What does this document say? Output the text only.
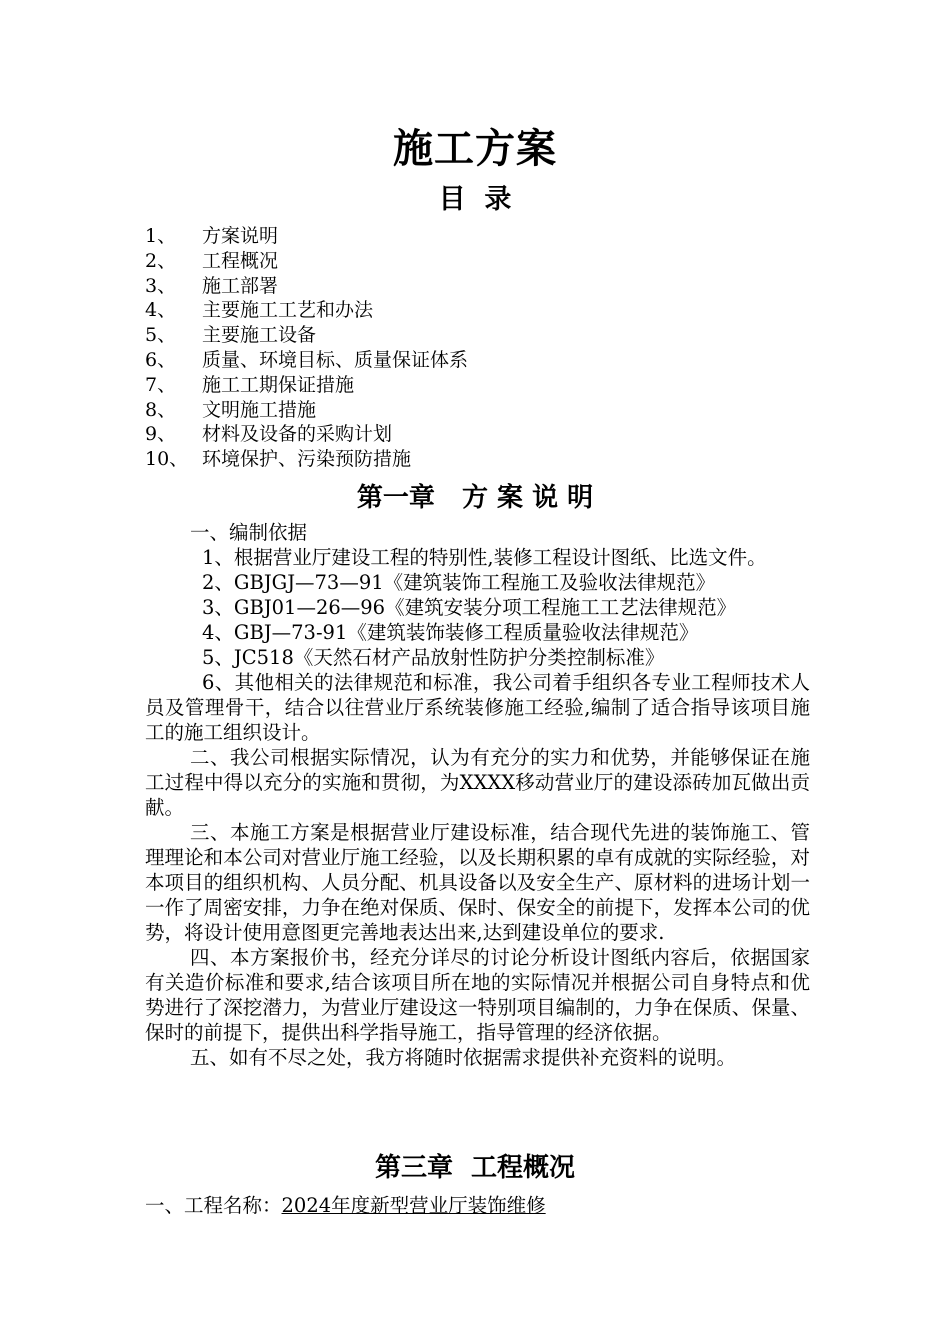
施工方案
目  录
1、 方案说明
2、 工程概况
3、 施工部署
4、 主要施工工艺和办法
5、 主要施工设备
6、 质量、环境目标、质量保证体系
7、 施工工期保证措施
8、 文明施工措施
9、 材料及设备的采购计划
10、 环境保护、污染预防措施
第一章   方 案 说 明

一、编制依据

1、根据营业厅建设工程的特别性,装修工程设计图纸、比选文件。

2、GBJGJ—73—91《建筑装饰工程施工及验收法律规范》

3、GBJ01—26—96《建筑安装分项工程施工工艺法律规范》

4、GBJ—73-91《建筑装饰装修工程质量验收法律规范》

5、JC518《天然石材产品放射性防护分类控制标准》

6、其他相关的法律规范和标准，我公司着手组织各专业工程师技术人员及管理骨干，结合以往营业厅系统装修施工经验,编制了适合指导该项目施工的施工组织设计。

二、我公司根据实际情况，认为有充分的实力和优势，并能够保证在施工过程中得以充分的实施和贯彻，为XXXX移动营业厅的建设添砖加瓦做出贡献。

三、本施工方案是根据营业厅建设标准，结合现代先进的装饰施工、管理理论和本公司对营业厅施工经验，以及长期积累的卓有成就的实际经验，对本项目的组织机构、人员分配、机具设备以及安全生产、原材料的进场计划一一作了周密安排，力争在绝对保质、保时、保安全的前提下，发挥本公司的优势，将设计使用意图更完善地表达出来,达到建设单位的要求.

四、本方案报价书，经充分详尽的讨论分析设计图纸内容后，依据国家有关造价标准和要求,结合该项目所在地的实际情况并根据公司自身特点和优势进行了深挖潜力，为营业厅建设这一特别项目编制的，力争在保质、保量、保时的前提下，提供出科学指导施工，指导管理的经济依据。

五、如有不尽之处，我方将随时依据需求提供补充资料的说明。

第三章  工程概况
一、工程名称：2024年度新型营业厅装饰维修
